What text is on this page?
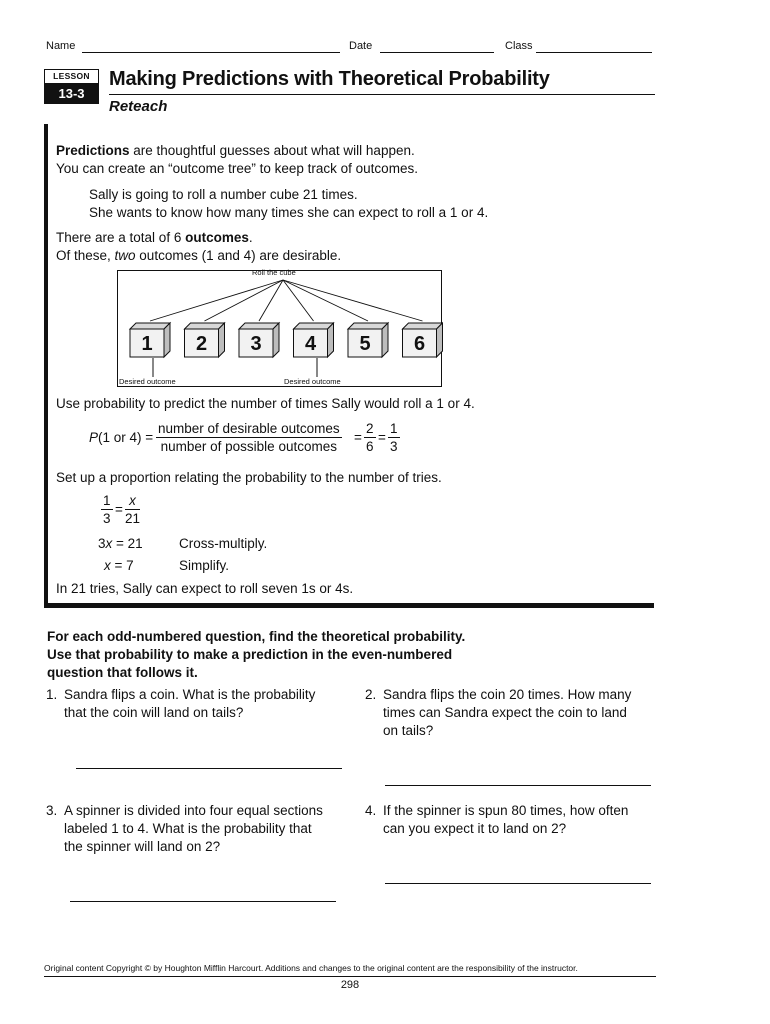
Name	Date	Class
LESSON
13-3
Making Predictions with Theoretical Probability
Reteach
Predictions are thoughtful guesses about what will happen.
You can create an “outcome tree” to keep track of outcomes.
Sally is going to roll a number cube 21 times.
She wants to know how many times she can expect to roll a 1 or 4.
There are a total of 6 outcomes.
Of these, two outcomes (1 and 4) are desirable.
1 2 3 4 5 6
Roll the cube
Desired outcome	Desired outcome
Use probability to predict the number of times Sally would roll a 1 or 4.
P(1 or 4) =
number of desirable outcomes
number of possible outcomes
= $\frac{2}{6} = \frac{1}{3}$
Set up a proportion relating the probability to the number of tries.
$\frac{1}{3} = \frac{x}{21}$
3x = 21	Cross-multiply.
x = 7	Simplify.
In 21 tries, Sally can expect to roll seven 1s or 4s.
For each odd-numbered question, find the theoretical probability.
Use that probability to make a prediction in the even-numbered
question that follows it.
1. Sandra flips a coin. What is the probability
that the coin will land on tails?
2. Sandra flips the coin 20 times. How many
times can Sandra expect the coin to land
on tails?
3. A spinner is divided into four equal sections
labeled 1 to 4. What is the probability that
the spinner will land on 2?
4. If the spinner is spun 80 times, how often
can you expect it to land on 2?
Original content Copyright © by Houghton Mifflin Harcourt. Additions and changes to the original content are the responsibility of the instructor.
298
